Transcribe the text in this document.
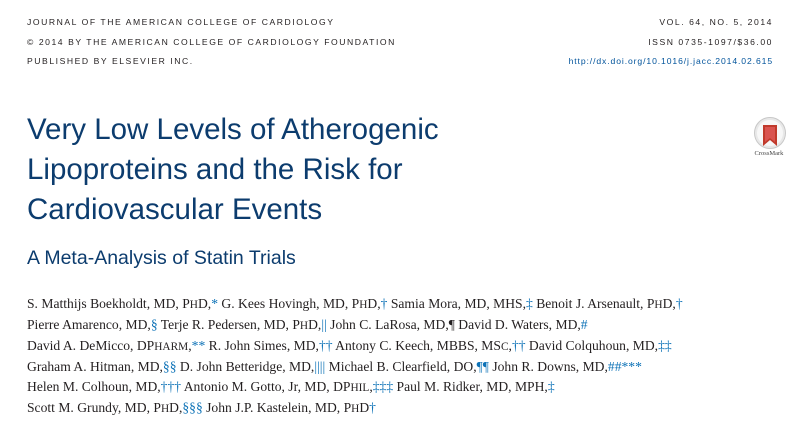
JOURNAL OF THE AMERICAN COLLEGE OF CARDIOLOGY
© 2014 BY THE AMERICAN COLLEGE OF CARDIOLOGY FOUNDATION
PUBLISHED BY ELSEVIER INC.
VOL. 64, NO. 5, 2014
ISSN 0735-1097/$36.00
http://dx.doi.org/10.1016/j.jacc.2014.02.615
Very Low Levels of Atherogenic
Lipoproteins and the Risk for
Cardiovascular Events
A Meta-Analysis of Statin Trials
CrossMark
S. Matthijs Boekholdt, MD, PHD,* G. Kees Hovingh, MD, PHD,† Samia Mora, MD, MHS,‡ Benoit J. Arsenault, PHD,†
Pierre Amarenco, MD,§ Terje R. Pedersen, MD, PHD,|| John C. LaRosa, MD,¶ David D. Waters, MD,#
David A. DeMicco, DPHARM,** R. John Simes, MD,†† Antony C. Keech, MBBS, MSC,†† David Colquhoun, MD,‡‡
Graham A. Hitman, MD,§§ D. John Betteridge, MD,|||| Michael B. Clearfield, DO,¶¶ John R. Downs, MD,##***
Helen M. Colhoun, MD,††† Antonio M. Gotto, Jr, MD, DPHIL,‡‡‡ Paul M. Ridker, MD, MPH,‡
Scott M. Grundy, MD, PHD,§§§ John J.P. Kastelein, MD, PHD†
